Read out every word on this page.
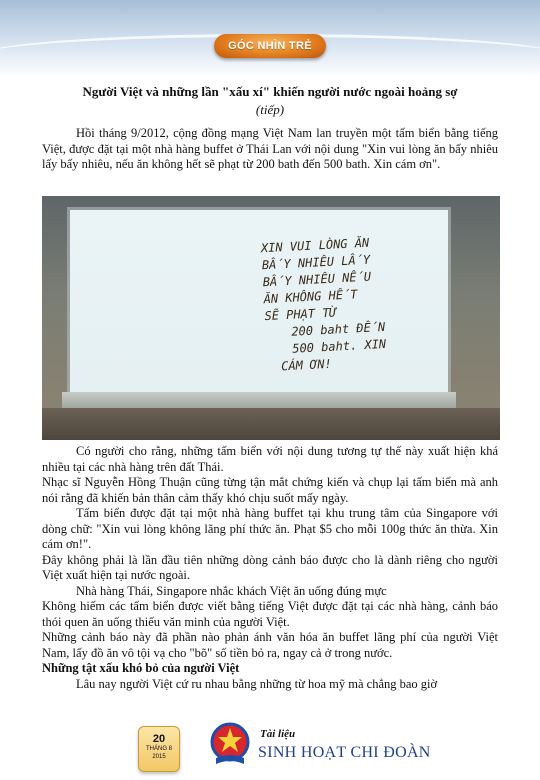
GÓC NHÌN TRẺ
Người Việt và những lần "xấu xí" khiến người nước ngoài hoảng sợ
(tiếp)

Hồi tháng 9/2012, cộng đồng mạng Việt Nam lan truyền một tấm biển bằng tiếng Việt, được đặt tại một nhà hàng buffet ở Thái Lan với nội dung "Xin vui lòng ăn bấy nhiêu lấy bấy nhiêu, nếu ăn không hết sẽ phạt từ 200 bath đến 500 bath. Xin cám ơn".

XIN VUI LÒNG ĂN
BẤY NHIÊU LẤY
BẤY NHIÊU NẾU
ĂN KHÔNG HẾT
SẼ PHẠT TỪ
200 baht ĐẾN
500 baht. XIN
CÁM ƠN!

Có người cho rằng, những tấm biển với nội dung tương tự thế này xuất hiện khá nhiều tại các nhà hàng trên đất Thái.

Nhạc sĩ Nguyễn Hồng Thuận cũng từng tận mắt chứng kiến và chụp lại tấm biển mà anh nói rằng đã khiến bản thân cảm thấy khó chịu suốt mấy ngày.

Tấm biển được đặt tại một nhà hàng buffet tại khu trung tâm của Singapore với dòng chữ: "Xin vui lòng không lãng phí thức ăn. Phạt $5 cho mỗi 100g thức ăn thừa. Xin cám ơn!".

Đây không phải là lần đầu tiên những dòng cảnh báo được cho là dành riêng cho người Việt xuất hiện tại nước ngoài.

Nhà hàng Thái, Singapore nhắc khách Việt ăn uống đúng mực

Không hiếm các tấm biển được viết bằng tiếng Việt được đặt tại các nhà hàng, cảnh báo thói quen ăn uống thiếu văn minh của người Việt.

Những cảnh báo này đã phần nào phản ánh văn hóa ăn buffet lãng phí của người Việt Nam, lấy đồ ăn vô tội vạ cho "bõ" số tiền bỏ ra, ngay cả ở trong nước.

Những tật xấu khó bỏ của người Việt

Lâu nay người Việt cứ ru nhau bằng những từ hoa mỹ mà chẳng bao giờ

20
THÁNG 8
2015
Tài liệu
SINH HOẠT CHI ĐOÀN
